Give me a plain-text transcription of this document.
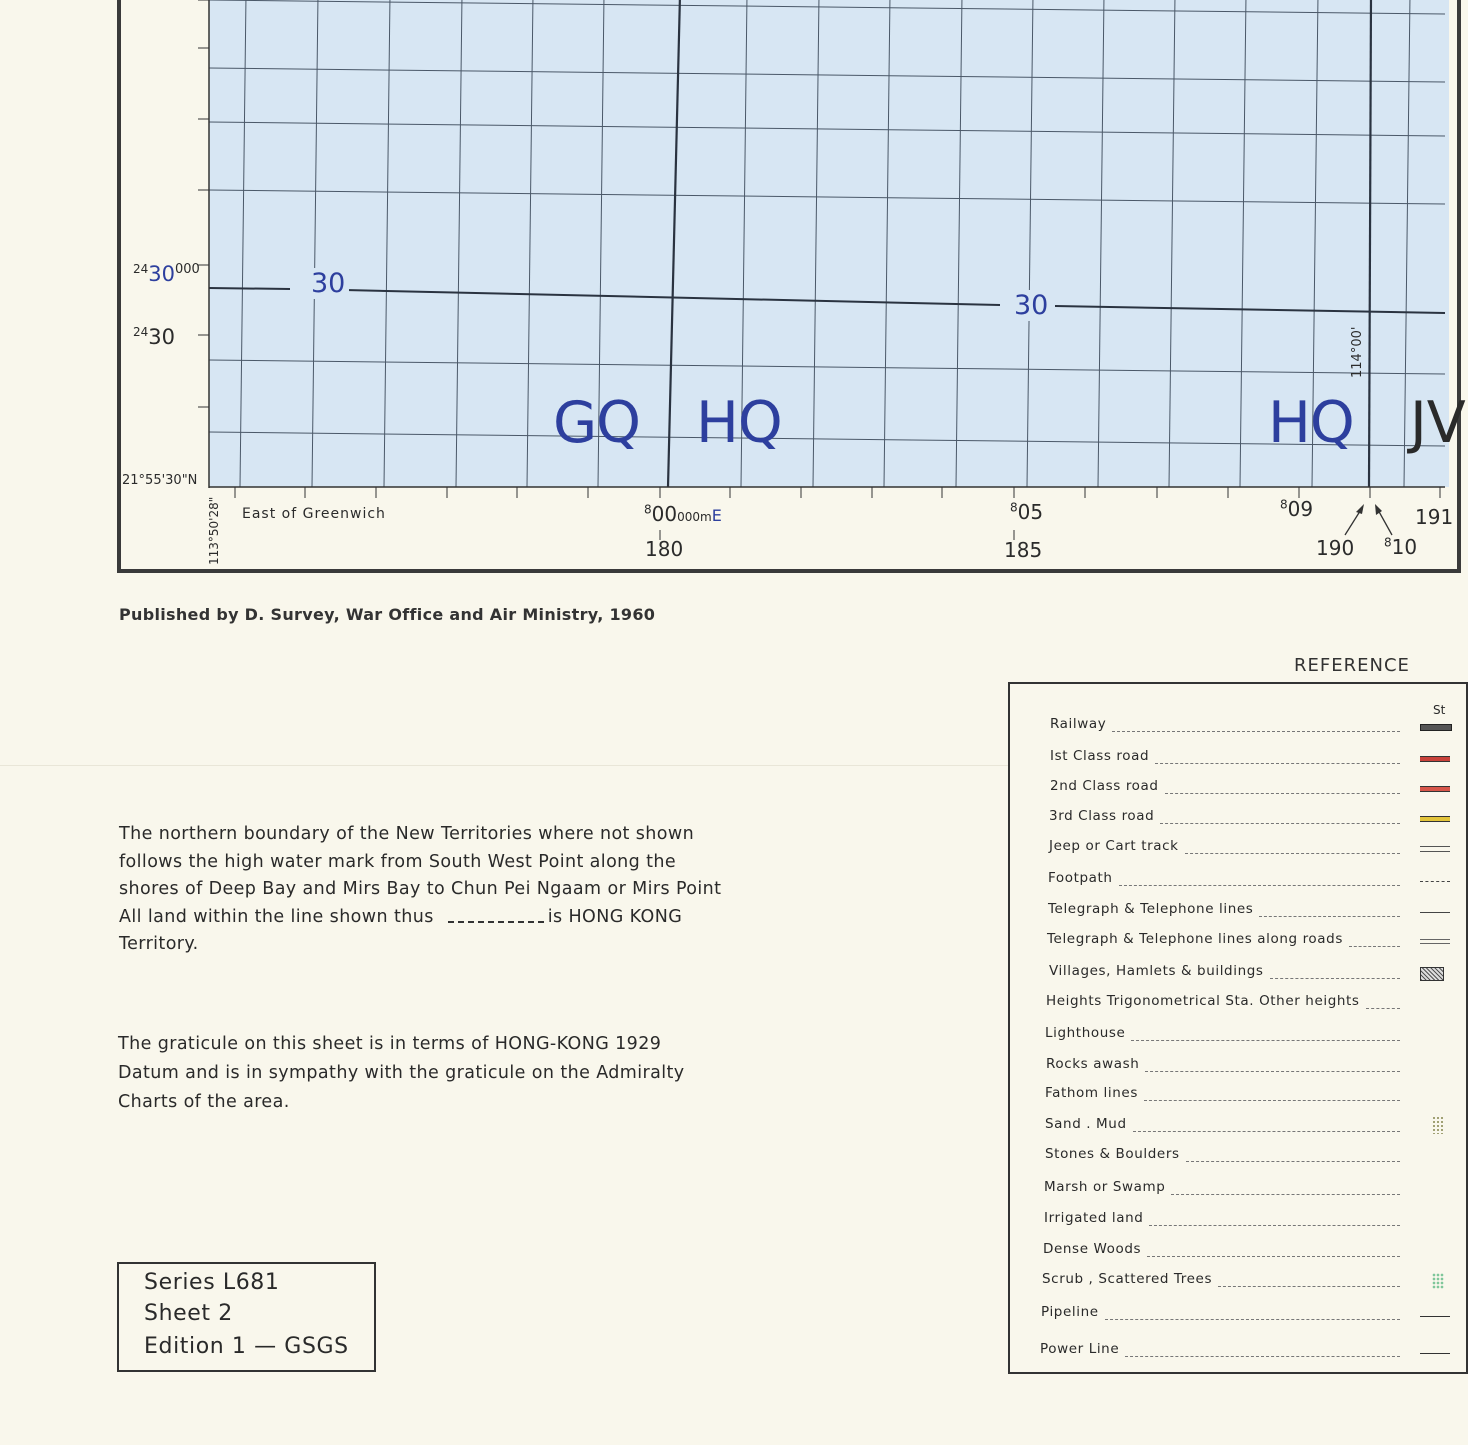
GQ HQ	HQ JV
30
30
$^{24}30^{000}$
$^{24}$30
21°55'30"N
113°50'28"
114°00'
East of Greenwich	$^8$00000mE
180
$^8$05
185
$^8$09
190 $^8$10
191
Published by D. Survey, War Office and Air Ministry, 1960
The northern boundary of the New Territories where not shown
follows the high water mark from South West Point along the
shores of Deep Bay and Mirs Bay to Chun Pei Ngaam or Mirs Point
All land within the line shown thus	is HONG KONG
Territory.
The graticule on this sheet is in terms of HONG-KONG 1929
Datum and is in sympathy with the graticule on the Admiralty
Charts of the area.
Series L681
Sheet 2
Edition 1 — GSGS
REFERENCE
St
Railway
Ist Class road
2nd Class road
3rd Class road
Jeep or Cart track
Footpath
Telegraph & Telephone lines
Telegraph & Telephone lines along roads
Villages, Hamlets & buildings
Heights Trigonometrical Sta. Other heights
Lighthouse
Rocks awash
Fathom lines
Sand . Mud
Stones & Boulders
Marsh or Swamp
Irrigated land
Dense Woods
Scrub , Scattered Trees
Pipeline
Power Line
